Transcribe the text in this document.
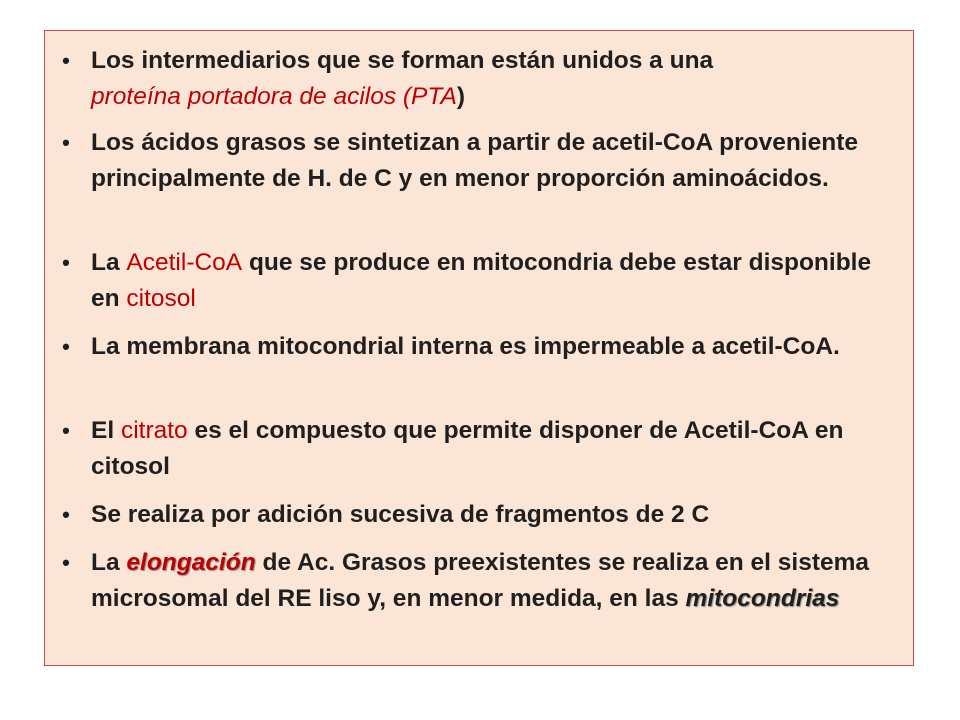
• Los intermediarios que se forman están unidos a una
proteína portadora de acilos (PTA)
• Los ácidos grasos se sintetizan a partir de acetil-CoA proveniente principalmente de H. de C y en menor proporción aminoácidos.
• La Acetil-CoA que se produce en mitocondria debe estar disponible en citosol
• La membrana mitocondrial interna es impermeable a acetil-CoA.
• El citrato es el compuesto que permite disponer de Acetil-CoA en citosol
• Se realiza por adición sucesiva de fragmentos de 2 C
• La elongación de Ac. Grasos preexistentes se realiza en el sistema microsomal del RE liso y, en menor medida, en las mitocondrias
